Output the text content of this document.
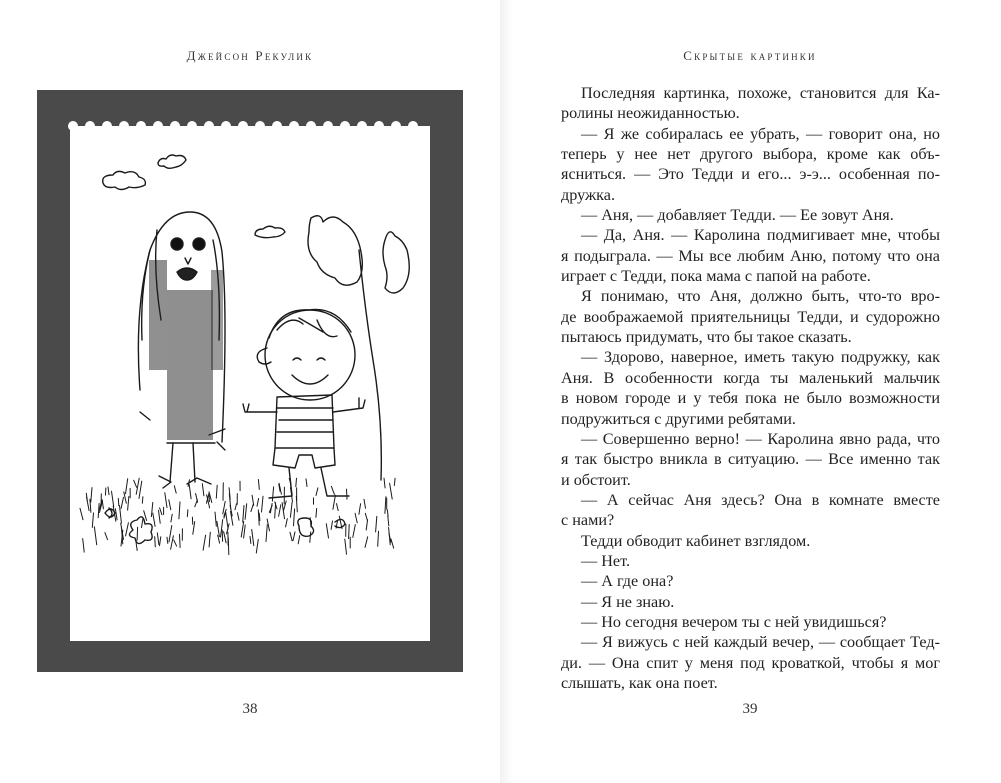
Джейсон Рекулик
38
Скрытые картинки
Последняя картинка, похоже, становится для Ка-
ролины неожиданностью.
— Я же собиралась ее убрать, — говорит она, но
теперь у нее нет другого выбора, кроме как объ-
ясниться. — Это Тедди и его... э-э... особенная по-
дружка.
— Аня, — добавляет Тедди. — Ее зовут Аня.
— Да, Аня. — Каролина подмигивает мне, чтобы
я подыграла. — Мы все любим Аню, потому что она
играет с Тедди, пока мама с папой на работе.
Я понимаю, что Аня, должно быть, что-то вро-
де воображаемой приятельницы Тедди, и судорожно
пытаюсь придумать, что бы такое сказать.
— Здорово, наверное, иметь такую подружку, как
Аня. В особенности когда ты маленький мальчик
в новом городе и у тебя пока не было возможности
подружиться с другими ребятами.
— Совершенно верно! — Каролина явно рада, что
я так быстро вникла в ситуацию. — Все именно так
и обстоит.
— А сейчас Аня здесь? Она в комнате вместе
с нами?
Тедди обводит кабинет взглядом.
— Нет.
— А где она?
— Я не знаю.
— Но сегодня вечером ты с ней увидишься?
— Я вижусь с ней каждый вечер, — сообщает Тед-
ди. — Она спит у меня под кроваткой, чтобы я мог
слышать, как она поет.
39
